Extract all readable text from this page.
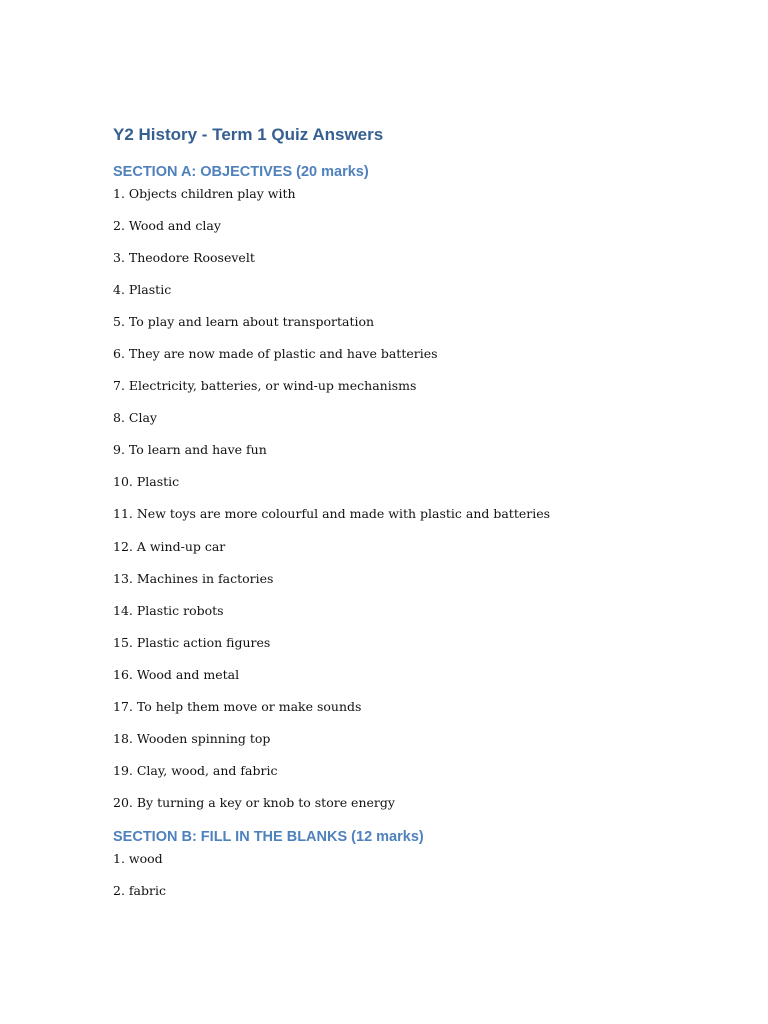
Y2 History - Term 1 Quiz Answers
SECTION A: OBJECTIVES (20 marks)
1. Objects children play with
2. Wood and clay
3. Theodore Roosevelt
4. Plastic
5. To play and learn about transportation
6. They are now made of plastic and have batteries
7. Electricity, batteries, or wind-up mechanisms
8. Clay
9. To learn and have fun
10. Plastic
11. New toys are more colourful and made with plastic and batteries
12. A wind-up car
13. Machines in factories
14. Plastic robots
15. Plastic action figures
16. Wood and metal
17. To help them move or make sounds
18. Wooden spinning top
19. Clay, wood, and fabric
20. By turning a key or knob to store energy
SECTION B: FILL IN THE BLANKS (12 marks)
1. wood
2. fabric
